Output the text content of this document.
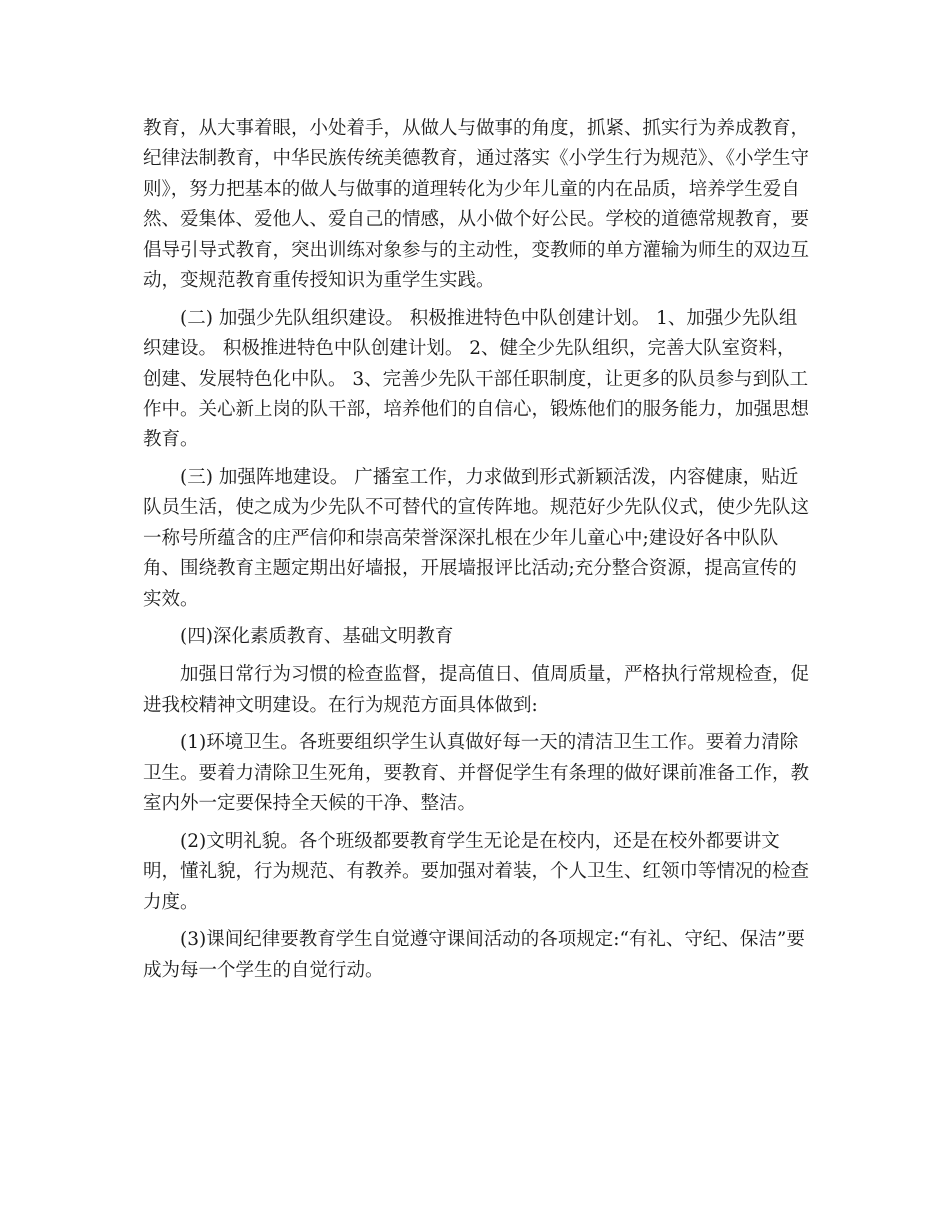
教育，从大事着眼，小处着手，从做人与做事的角度，抓紧、抓实行为养成教育，纪律法制教育，中华民族传统美德教育，通过落实《小学生行为规范》、《小学生守则》，努力把基本的做人与做事的道理转化为少年儿童的内在品质，培养学生爱自然、爱集体、爱他人、爱自己的情感，从小做个好公民。学校的道德常规教育，要倡导引导式教育，突出训练对象参与的主动性，变教师的单方灌输为师生的双边互动，变规范教育重传授知识为重学生实践。

(二) 加强少先队组织建设。 积极推进特色中队创建计划。 1、加强少先队组织建设。 积极推进特色中队创建计划。 2、健全少先队组织，完善大队室资料，创建、发展特色化中队。 3、完善少先队干部任职制度，让更多的队员参与到队工作中。关心新上岗的队干部，培养他们的自信心，锻炼他们的服务能力，加强思想教育。

(三) 加强阵地建设。 广播室工作，力求做到形式新颖活泼，内容健康，贴近队员生活，使之成为少先队不可替代的宣传阵地。规范好少先队仪式，使少先队这一称号所蕴含的庄严信仰和崇高荣誉深深扎根在少年儿童心中;建设好各中队队角、围绕教育主题定期出好墙报，开展墙报评比活动;充分整合资源，提高宣传的实效。

(四)深化素质教育、基础文明教育

加强日常行为习惯的检查监督，提高值日、值周质量，严格执行常规检查，促进我校精神文明建设。在行为规范方面具体做到:

(1)环境卫生。各班要组织学生认真做好每一天的清洁卫生工作。要着力清除卫生。要着力清除卫生死角，要教育、并督促学生有条理的做好课前准备工作，教室内外一定要保持全天候的干净、整洁。

(2)文明礼貌。各个班级都要教育学生无论是在校内，还是在校外都要讲文明，懂礼貌，行为规范、有教养。要加强对着装，个人卫生、红领巾等情况的检查力度。

(3)课间纪律要教育学生自觉遵守课间活动的各项规定:“有礼、守纪、保洁”要成为每一个学生的自觉行动。
